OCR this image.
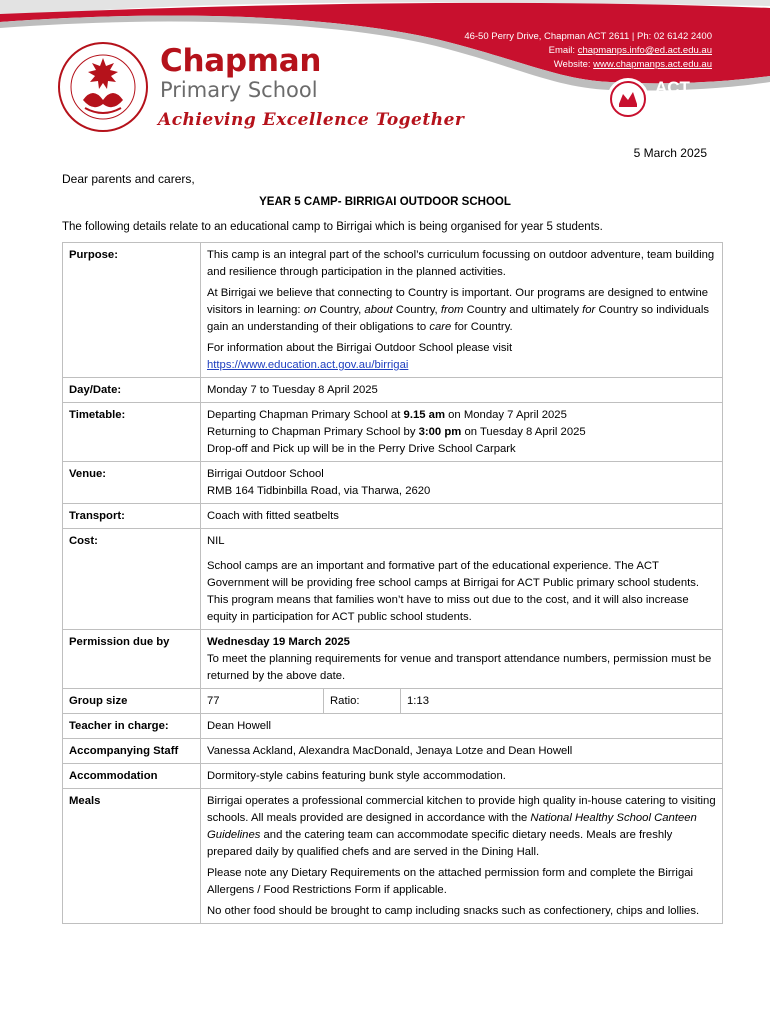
Chapman
Primary School
Achieving Excellence Together
46-50 Perry Drive, Chapman ACT 2611 | Ph: 02 6142 2400
Email: chapmanps.info@ed.act.edu.au
Website: www.chapmanps.act.edu.au
ACT
Government
Education
5 March 2025
Dear parents and carers,
YEAR 5 CAMP- BIRRIGAI OUTDOOR SCHOOL
The following details relate to an educational camp to Birrigai which is being organised for year 5 students.
Purpose:	This camp is an integral part of the school’s curriculum focussing on outdoor adventure, team building and resilience through participation in the planned activities.

At Birrigai we believe that connecting to Country is important. Our programs are designed to entwine visitors in learning: on Country, about Country, from Country and ultimately for Country so individuals gain an understanding of their obligations to care for Country.

For information about the Birrigai Outdoor School please visit
https://www.education.act.gov.au/birrigai

Day/Date:	Monday 7 to Tuesday 8 April 2025
Timetable:	Departing Chapman Primary School at 9.15 am on Monday 7 April 2025
Returning to Chapman Primary School by 3:00 pm on Tuesday 8 April 2025
Drop-off and Pick up will be in the Perry Drive School Carpark

Venue:	Birrigai Outdoor School
RMB 164 Tidbinbilla Road, via Tharwa, 2620

Transport:	Coach with fitted seatbelts
Cost:	NIL

School camps are an important and formative part of the educational experience. The ACT Government will be providing free school camps at Birrigai for ACT Public primary school students. This program means that families won’t have to miss out due to the cost, and it will also increase equity in participation for ACT public school students.

Permission due by	Wednesday 19 March 2025
To meet the planning requirements for venue and transport attendance numbers, permission must be returned by the above date.

Group size		77	Ratio:	1:13

Teacher in charge:	Dean Howell
Accompanying Staff	Vanessa Ackland, Alexandra MacDonald, Jenaya Lotze and Dean Howell
Accommodation	Dormitory-style cabins featuring bunk style accommodation.
Meals	Birrigai operates a professional commercial kitchen to provide high quality in-house catering to visiting schools. All meals provided are designed in accordance with the National Healthy School Canteen Guidelines and the catering team can accommodate specific dietary needs. Meals are freshly prepared daily by qualified chefs and are served in the Dining Hall.

Please note any Dietary Requirements on the attached permission form and complete the Birrigai Allergens / Food Restrictions Form if applicable.

No other food should be brought to camp including snacks such as confectionery, chips and lollies.
